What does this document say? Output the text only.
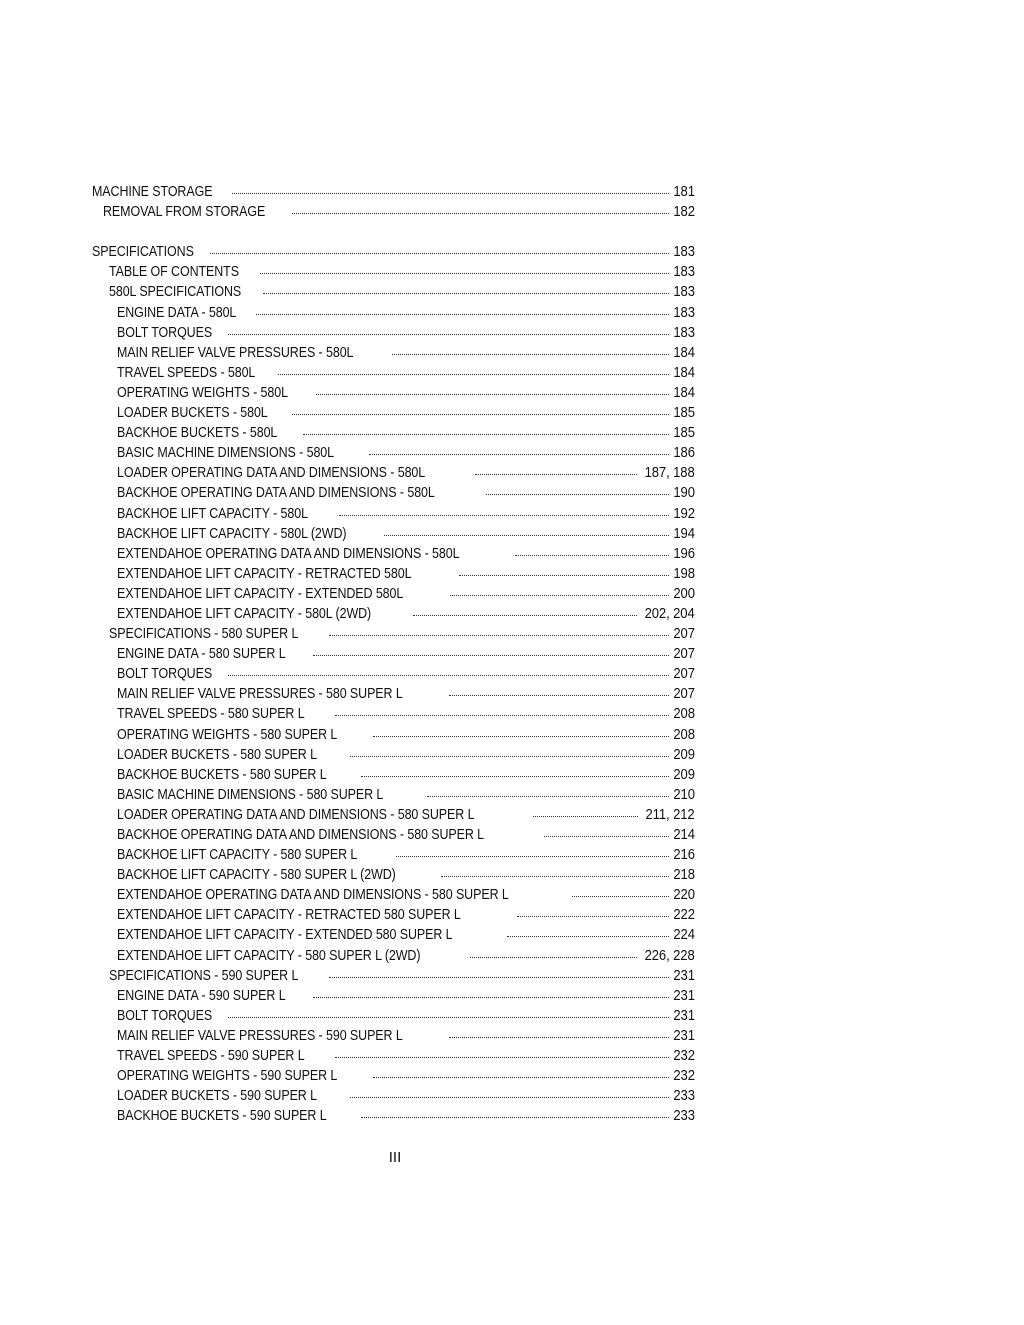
MACHINE STORAGE	181
REMOVAL FROM STORAGE	182
SPECIFICATIONS	183
TABLE OF CONTENTS	183
580L SPECIFICATIONS	183
ENGINE DATA - 580L	183
BOLT TORQUES	183
MAIN RELIEF VALVE PRESSURES - 580L	184
TRAVEL SPEEDS - 580L	184
OPERATING WEIGHTS - 580L	184
LOADER BUCKETS - 580L	185
BACKHOE BUCKETS - 580L	185
BASIC MACHINE DIMENSIONS - 580L	186
LOADER OPERATING DATA AND DIMENSIONS - 580L	187, 188
BACKHOE OPERATING DATA AND DIMENSIONS - 580L	190
BACKHOE LIFT CAPACITY - 580L	192
BACKHOE LIFT CAPACITY - 580L (2WD)	194
EXTENDAHOE OPERATING DATA AND DIMENSIONS - 580L	196
EXTENDAHOE LIFT CAPACITY - RETRACTED 580L	198
EXTENDAHOE LIFT CAPACITY - EXTENDED 580L	200
EXTENDAHOE LIFT CAPACITY - 580L (2WD)	202, 204
SPECIFICATIONS - 580 SUPER L	207
ENGINE DATA - 580 SUPER L	207
BOLT TORQUES	207
MAIN RELIEF VALVE PRESSURES - 580 SUPER L	207
TRAVEL SPEEDS - 580 SUPER L	208
OPERATING WEIGHTS - 580 SUPER L	208
LOADER BUCKETS - 580 SUPER L	209
BACKHOE BUCKETS - 580 SUPER L	209
BASIC MACHINE DIMENSIONS - 580 SUPER L	210
LOADER OPERATING DATA AND DIMENSIONS - 580 SUPER L	211, 212
BACKHOE OPERATING DATA AND DIMENSIONS - 580 SUPER L	214
BACKHOE LIFT CAPACITY - 580 SUPER L	216
BACKHOE LIFT CAPACITY - 580 SUPER L (2WD)	218
EXTENDAHOE OPERATING DATA AND DIMENSIONS - 580 SUPER L	220
EXTENDAHOE LIFT CAPACITY - RETRACTED 580 SUPER L	222
EXTENDAHOE LIFT CAPACITY - EXTENDED 580 SUPER L	224
EXTENDAHOE LIFT CAPACITY - 580 SUPER L (2WD)	226, 228
SPECIFICATIONS - 590 SUPER L	231
ENGINE DATA - 590 SUPER L	231
BOLT TORQUES	231
MAIN RELIEF VALVE PRESSURES - 590 SUPER L	231
TRAVEL SPEEDS - 590 SUPER L	232
OPERATING WEIGHTS - 590 SUPER L	232
LOADER BUCKETS - 590 SUPER L	233
BACKHOE BUCKETS - 590 SUPER L	233
III
